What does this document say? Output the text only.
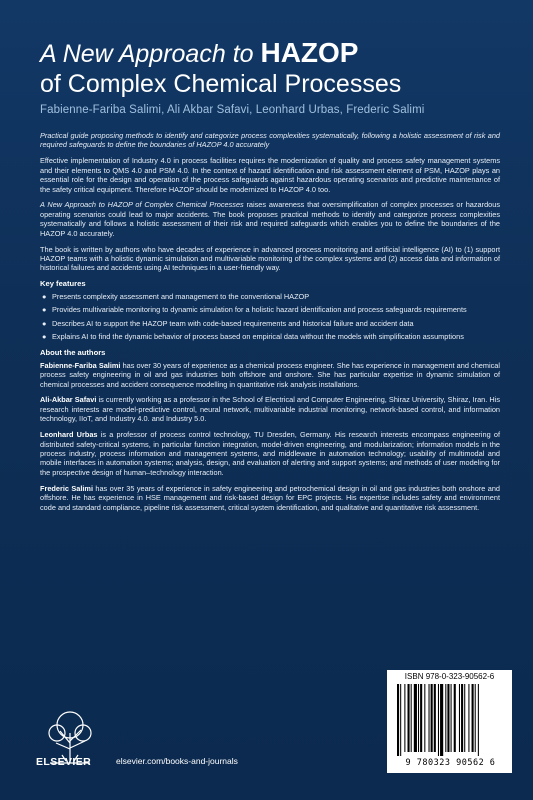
A New Approach to HAZOP
of Complex Chemical Processes
Fabienne-Fariba Salimi, Ali Akbar Safavi, Leonhard Urbas, Frederic Salimi

Practical guide proposing methods to identify and categorize process complexities systematically, following a holistic assessment of risk and required safeguards to define the boundaries of HAZOP 4.0 accurately

Effective implementation of Industry 4.0 in process facilities requires the modernization of quality and process safety management systems and their elements to QMS 4.0 and PSM 4.0. In the context of hazard identification and risk assessment element of PSM, HAZOP plays an essential role for the design and operation of the process safeguards against hazardous operating scenarios and predictive maintenance of the safety critical equipment. Therefore HAZOP should be modernized to HAZOP 4.0 too.

A New Approach to HAZOP of Complex Chemical Processes raises awareness that oversimplification of complex processes or hazardous operating scenarios could lead to major accidents. The book proposes practical methods to identify and categorize process complexities systematically and follows a holistic assessment of their risk and required safeguards which enables you to define the boundaries of the HAZOP 4.0 accurately.

The book is written by authors who have decades of experience in advanced process monitoring and artificial intelligence (AI) to (1) support HAZOP teams with a holistic dynamic simulation and multivariable monitoring of the complex systems and (2) access data and information of historical failures and accidents using AI techniques in a user-friendly way.

Key features
● Presents complexity assessment and management to the conventional HAZOP
● Provides multivariable monitoring to dynamic simulation for a holistic hazard identification and process safeguards requirements
● Describes AI to support the HAZOP team with code-based requirements and historical failure and accident data
● Explains AI to find the dynamic behavior of process based on empirical data without the models with simplification assumptions
About the authors

Fabienne-Fariba Salimi has over 30 years of experience as a chemical process engineer. She has experience in management and chemical process safety engineering in oil and gas industries both offshore and onshore. She has particular expertise in dynamic simulation of chemical processes and accident consequence modelling in quantitative risk analysis installations.

Ali-Akbar Safavi is currently working as a professor in the School of Electrical and Computer Engineering, Shiraz University, Shiraz, Iran. His research interests are model-predictive control, neural network, multivariable industrial monitoring, network-based control, and information technology, IIoT, and Industry 4.0. and Industry 5.0.

Leonhard Urbas is a professor of process control technology, TU Dresden, Germany. His research interests encompass engineering of distributed safety-critical systems, in particular function integration, model-driven engineering, and modularization; information models in the process industry, process information and management systems, and middleware in automation technology; usability of multimodal and mobile interfaces in automation systems; analysis, design, and evaluation of alerting and support systems; and methods of user modeling for the prospective design of human–technology interaction.

Frederic Salimi has over 35 years of experience in safety engineering and petrochemical design in oil and gas industries both onshore and offshore. He has experience in HSE management and risk-based design for EPC projects. His expertise includes safety and environment code and standard compliance, pipeline risk assessment, critical system identification, and qualitative and quantitative risk assessment.

ELSEVIER	elsevier.com/books-and-journals
ISBN 978-0-323-90562-6
9 780323 90562 6
